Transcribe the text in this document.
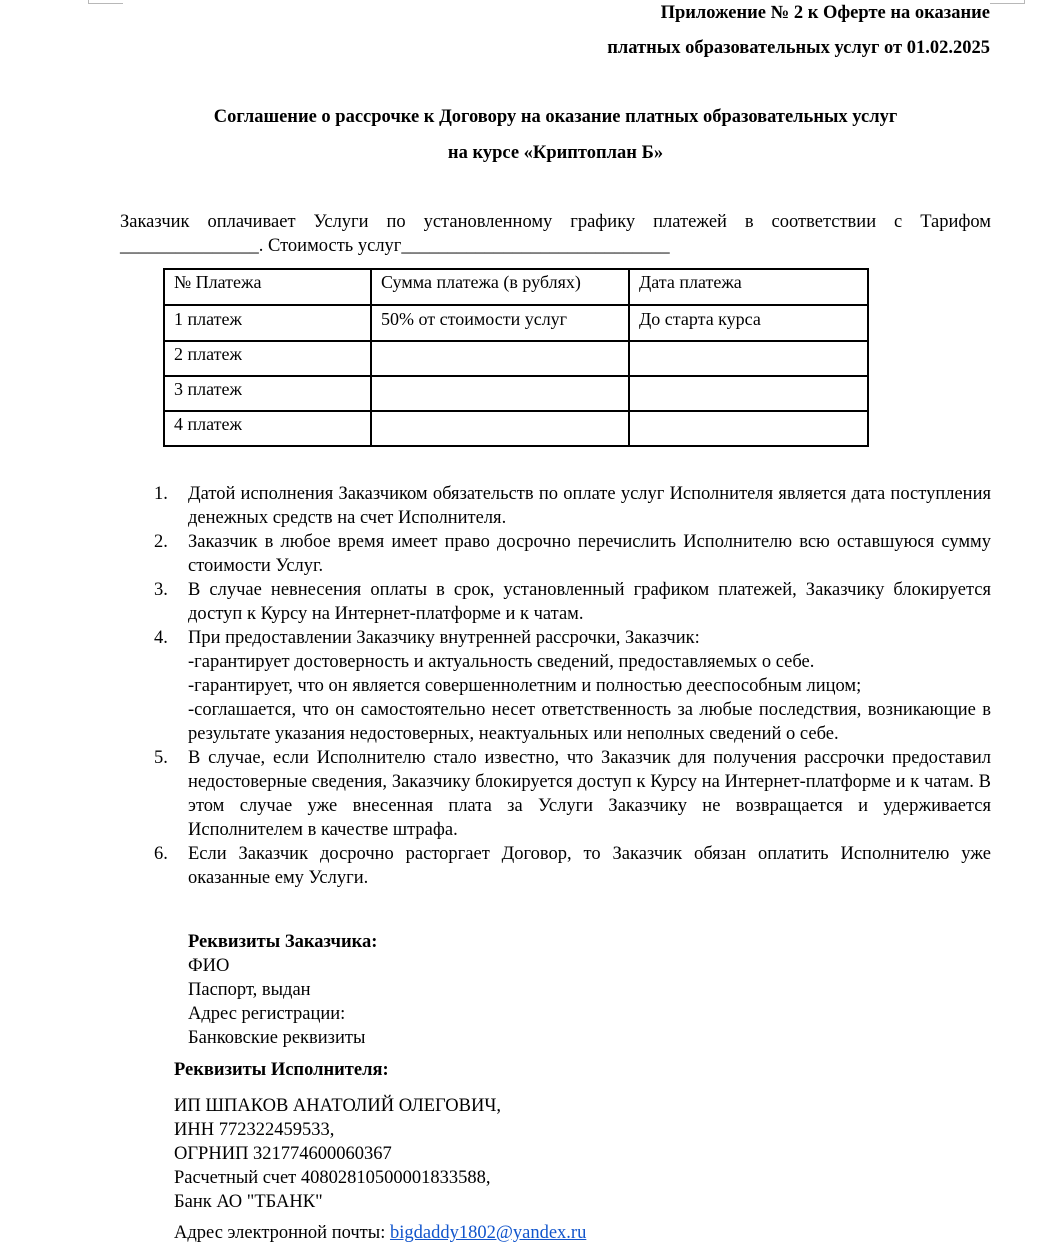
Приложение № 2 к Оферте на оказание
платных образовательных услуг от 01.02.2025
Соглашение о рассрочке к Договору на оказание платных образовательных услуг
на курсе «Криптоплан Б»
Заказчик оплачивает Услуги по установленному графику платежей в соответствии с Тарифом
_______________. Стоимость услуг_____________________________
№ Платежа	Сумма платежа (в рублях)	Дата платежа
1 платеж	50% от стоимости услуг	До старта курса
2 платеж		
3 платеж		
4 платеж		
1. Датой исполнения Заказчиком обязательств по оплате услуг Исполнителя является дата поступления денежных средств на счет Исполнителя.
2. Заказчик в любое время имеет право досрочно перечислить Исполнителю всю оставшуюся сумму стоимости Услуг.
3. В случае невнесения оплаты в срок, установленный графиком платежей, Заказчику блокируется доступ к Курсу на Интернет-платформе и к чатам.
4. При предоставлении Заказчику внутренней рассрочки, Заказчик:
-гарантирует достоверность и актуальность сведений, предоставляемых о себе.
-гарантирует, что он является совершеннолетним и полностью дееспособным лицом;
-соглашается, что он самостоятельно несет ответственность за любые последствия, возникающие в результате указания недостоверных, неактуальных или неполных сведений о себе.
5. В случае, если Исполнителю стало известно, что Заказчик для получения рассрочки предоставил недостоверные сведения, Заказчику блокируется доступ к Курсу на Интернет-платформе и к чатам. В этом случае уже внесенная плата за Услуги Заказчику не возвращается и удерживается Исполнителем в качестве штрафа.
6. Если Заказчик досрочно расторгает Договор, то Заказчик обязан оплатить Исполнителю уже оказанные ему Услуги.
Реквизиты Заказчика:
ФИО
Паспорт, выдан
Адрес регистрации:
Банковские реквизиты
Реквизиты Исполнителя:
ИП ШПАКОВ АНАТОЛИЙ ОЛЕГОВИЧ,
ИНН 772322459533,
ОГРНИП 321774600060367
Расчетный счет 40802810500001833588,
Банк АО "ТБАНК"
Адрес электронной почты: bigdaddy1802@yandex.ru
